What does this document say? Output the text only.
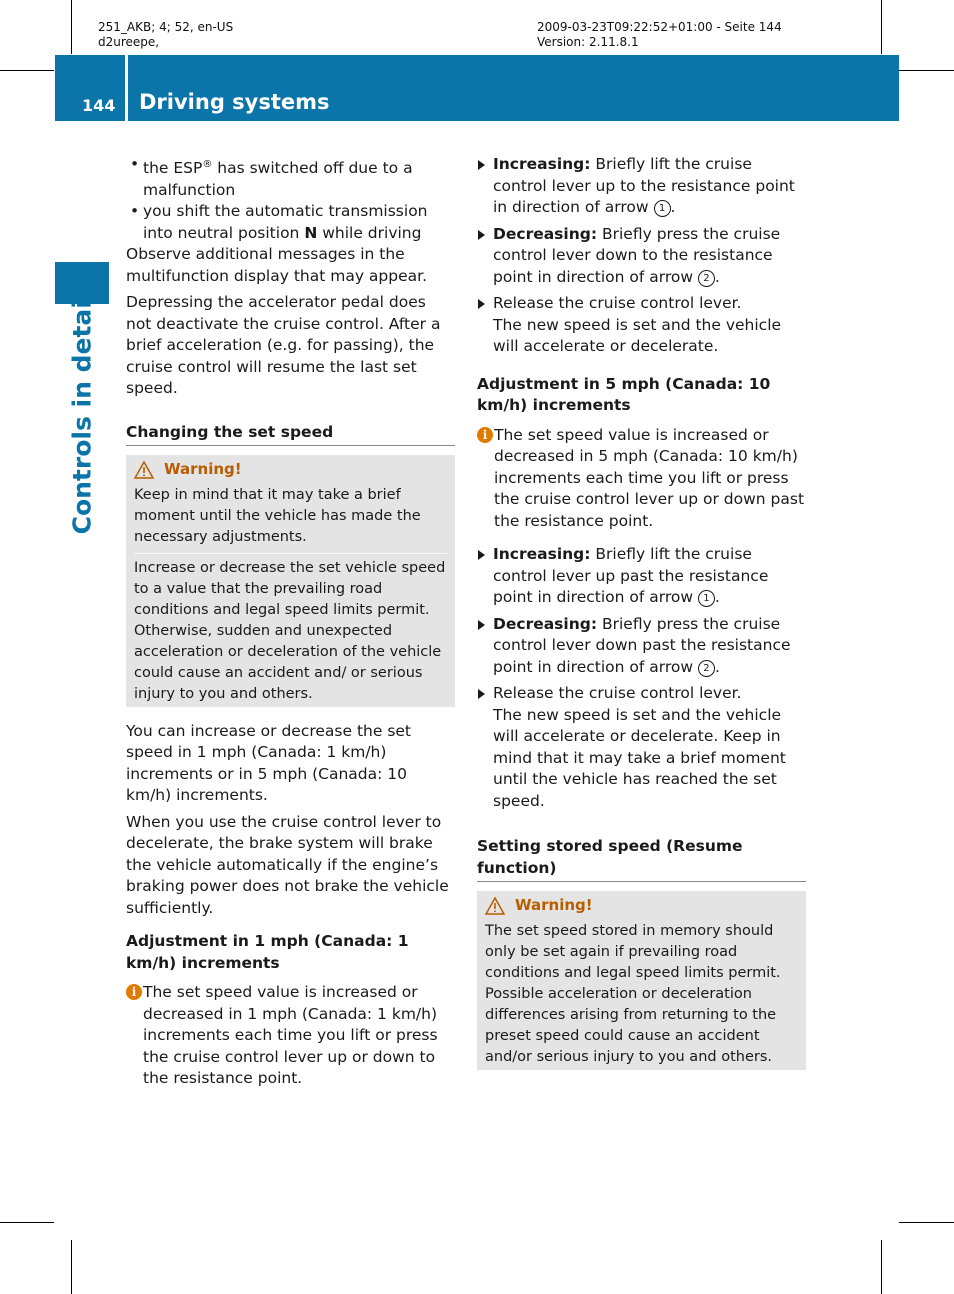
251_AKB; 4; 52, en-US
d2ureepe,
2009-03-23T09:22:52+01:00 - Seite 144
Version: 2.11.8.1
144 Driving systems
Controls in detail

• the ESP® has switched off due to a malfunction

• you shift the automatic transmission into neutral position N while driving

Observe additional messages in the multifunction display that may appear.

Depressing the accelerator pedal does not deactivate the cruise control. After a brief acceleration (e.g. for passing), the cruise control will resume the last set speed.

Changing the set speed

Warning!

Keep in mind that it may take a brief moment until the vehicle has made the necessary adjustments.

Increase or decrease the set vehicle speed to a value that the prevailing road conditions and legal speed limits permit. Otherwise, sudden and unexpected acceleration or deceleration of the vehicle could cause an accident and/ or serious injury to you and others.

You can increase or decrease the set speed in 1 mph (Canada: 1 km/h) increments or in 5 mph (Canada: 10 km/h) increments.

When you use the cruise control lever to decelerate, the brake system will brake the vehicle automatically if the engine’s braking power does not brake the vehicle sufficiently.

Adjustment in 1 mph (Canada: 1 km/h) increments

i The set speed value is increased or decreased in 1 mph (Canada: 1 km/h) increments each time you lift or press the cruise control lever up or down to the resistance point.
Increasing: Briefly lift the cruise control lever up to the resistance point in direction of arrow 1 .
Decreasing: Briefly press the cruise control lever down to the resistance point in direction of arrow 2 .
Release the cruise control lever.
The new speed is set and the vehicle will accelerate or decelerate.

Adjustment in 5 mph (Canada: 10 km/h) increments

i The set speed value is increased or decreased in 5 mph (Canada: 10 km/h) increments each time you lift or press the cruise control lever up or down past the resistance point.
Increasing: Briefly lift the cruise control lever up past the resistance point in direction of arrow 1 .
Decreasing: Briefly press the cruise control lever down past the resistance point in direction of arrow 2 .
Release the cruise control lever.
The new speed is set and the vehicle will accelerate or decelerate. Keep in mind that it may take a brief moment until the vehicle has reached the set speed.

Setting stored speed (Resume function)

Warning!

The set speed stored in memory should only be set again if prevailing road conditions and legal speed limits permit. Possible acceleration or deceleration differences arising from returning to the preset speed could cause an accident and/or serious injury to you and others.
